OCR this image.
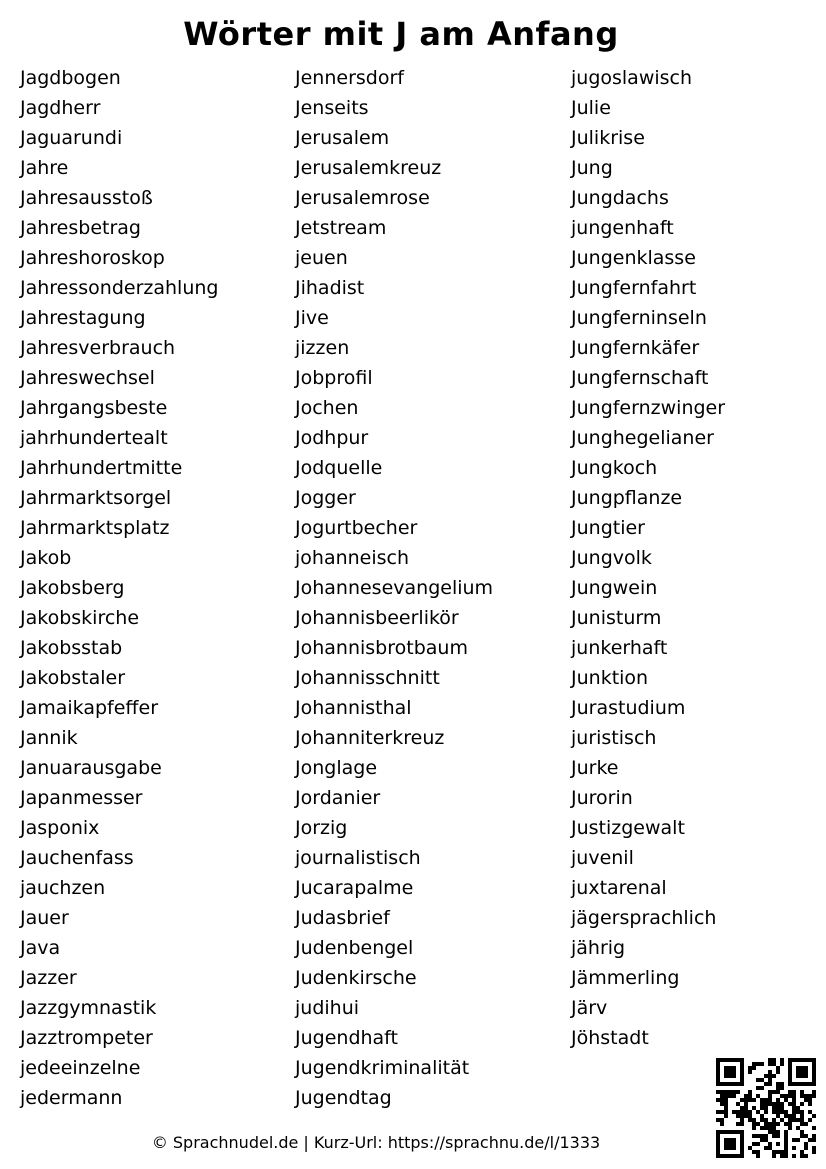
Wörter mit J am Anfang
Jagdbogen
Jagdherr
Jaguarundi
Jahre
Jahresausstoß
Jahresbetrag
Jahreshoroskop
Jahressonderzahlung
Jahrestagung
Jahresverbrauch
Jahreswechsel
Jahrgangsbeste
jahrhundertealt
Jahrhundertmitte
Jahrmarktsorgel
Jahrmarktsplatz
Jakob
Jakobsberg
Jakobskirche
Jakobsstab
Jakobstaler
Jamaikapfeffer
Jannik
Januarausgabe
Japanmesser
Jasponix
Jauchenfass
jauchzen
Jauer
Java
Jazzer
Jazzgymnastik
Jazztrompeter
jedeeinzelne
jedermann
Jennersdorf
Jenseits
Jerusalem
Jerusalemkreuz
Jerusalemrose
Jetstream
jeuen
Jihadist
Jive
jizzen
Jobprofil
Jochen
Jodhpur
Jodquelle
Jogger
Jogurtbecher
johanneisch
Johannesevangelium
Johannisbeerlikör
Johannisbrotbaum
Johannisschnitt
Johannisthal
Johanniterkreuz
Jonglage
Jordanier
Jorzig
journalistisch
Jucarapalme
Judasbrief
Judenbengel
Judenkirsche
judihui
Jugendhaft
Jugendkriminalität
Jugendtag
jugoslawisch
Julie
Julikrise
Jung
Jungdachs
jungenhaft
Jungenklasse
Jungfernfahrt
Jungferninseln
Jungfernkäfer
Jungfernschaft
Jungfernzwinger
Junghegelianer
Jungkoch
Jungpflanze
Jungtier
Jungvolk
Jungwein
Junisturm
junkerhaft
Junktion
Jurastudium
juristisch
Jurke
Jurorin
Justizgewalt
juvenil
juxtarenal
jägersprachlich
jährig
Jämmerling
Järv
Jöhstadt
© Sprachnudel.de | Kurz-Url: https://sprachnu.de/l/1333
